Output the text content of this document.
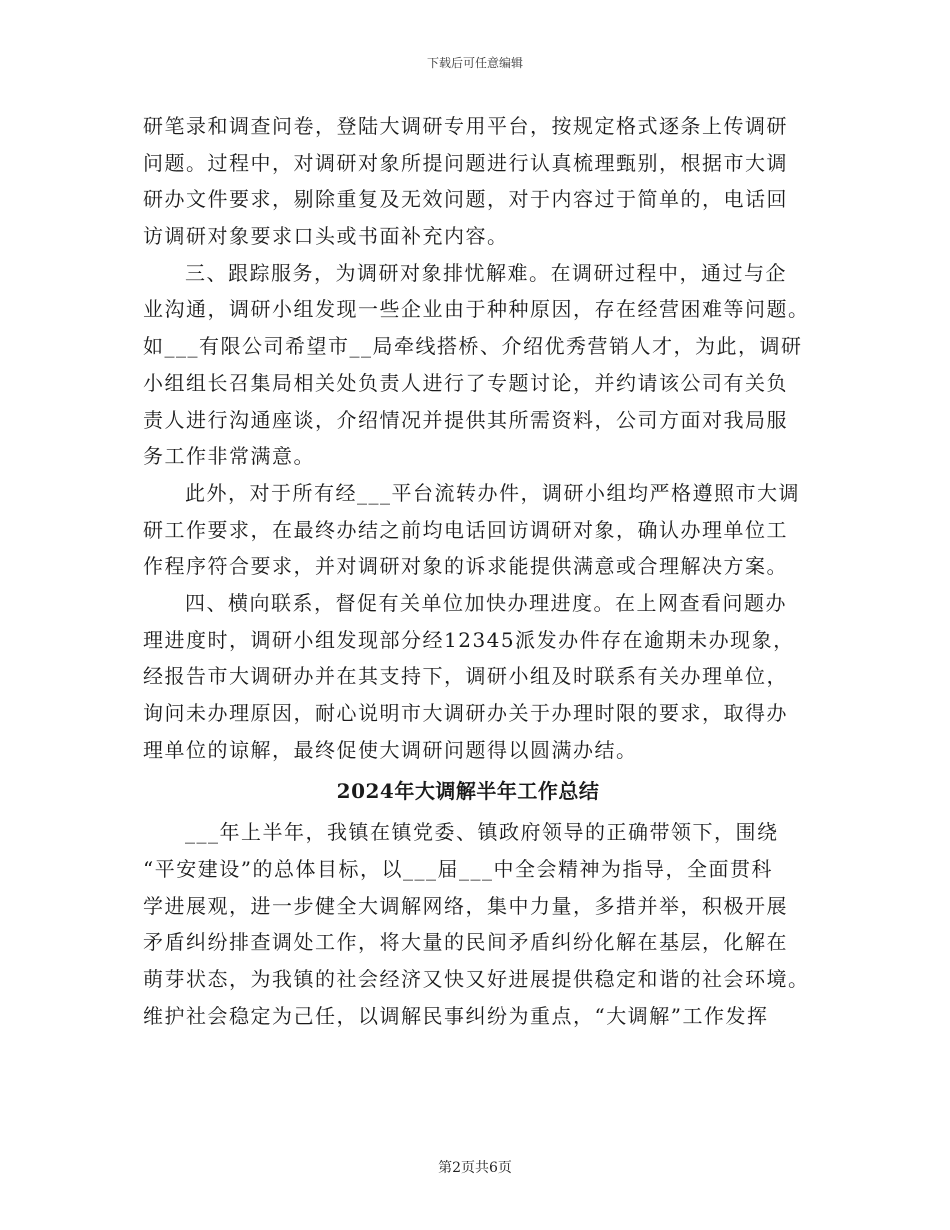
下载后可任意编辑
研笔录和调查问卷，登陆大调研专用平台，按规定格式逐条上传调研
问题。过程中，对调研对象所提问题进行认真梳理甄别，根据市大调
研办文件要求，剔除重复及无效问题，对于内容过于简单的，电话回
访调研对象要求口头或书面补充内容。
三、跟踪服务，为调研对象排忧解难。在调研过程中，通过与企
业沟通，调研小组发现一些企业由于种种原因，存在经营困难等问题。
如___有限公司希望市__局牵线搭桥、介绍优秀营销人才，为此，调研
小组组长召集局相关处负责人进行了专题讨论，并约请该公司有关负
责人进行沟通座谈，介绍情况并提供其所需资料，公司方面对我局服
务工作非常满意。
此外，对于所有经___平台流转办件，调研小组均严格遵照市大调
研工作要求，在最终办结之前均电话回访调研对象，确认办理单位工
作程序符合要求，并对调研对象的诉求能提供满意或合理解决方案。
四、横向联系，督促有关单位加快办理进度。在上网查看问题办
理进度时，调研小组发现部分经12345派发办件存在逾期未办现象，
经报告市大调研办并在其支持下，调研小组及时联系有关办理单位，
询问未办理原因，耐心说明市大调研办关于办理时限的要求，取得办
理单位的谅解，最终促使大调研问题得以圆满办结。
2024年大调解半年工作总结
___年上半年，我镇在镇党委、镇政府领导的正确带领下，围绕
“平安建设”的总体目标，以___届___中全会精神为指导，全面贯科
学进展观，进一步健全大调解网络，集中力量，多措并举，积极开展
矛盾纠纷排查调处工作，将大量的民间矛盾纠纷化解在基层，化解在
萌芽状态，为我镇的社会经济又快又好进展提供稳定和谐的社会环境。
维护社会稳定为己任，以调解民事纠纷为重点，“大调解”工作发挥
第2页共6页
